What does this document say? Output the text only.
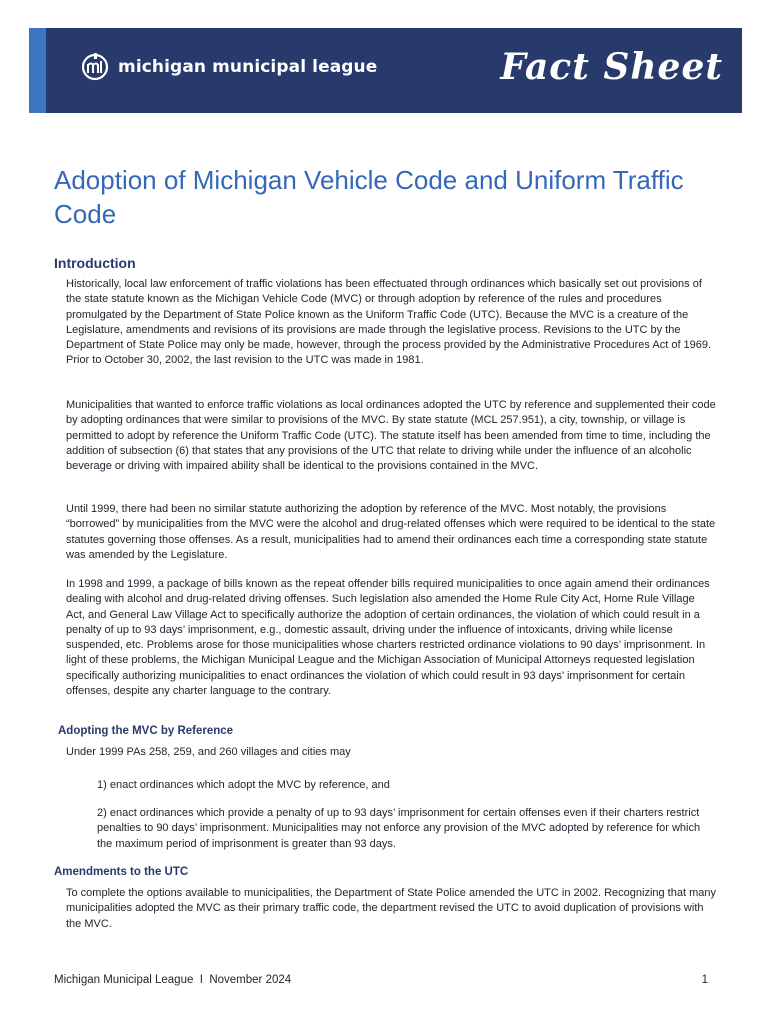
michigan municipal league	Fact Sheet
Adoption of Michigan Vehicle Code and Uniform Traffic Code
Introduction

Historically, local law enforcement of traffic violations has been effectuated through ordinances which basically set out provisions of the state statute known as the Michigan Vehicle Code (MVC) or through adoption by reference of the rules and procedures promulgated by the Department of State Police known as the Uniform Traffic Code (UTC). Because the MVC is a creature of the Legislature, amendments and revisions of its provisions are made through the legislative process. Revisions to the UTC by the Department of State Police may only be made, however, through the process provided by the Administrative Procedures Act of 1969. Prior to October 30, 2002, the last revision to the UTC was made in 1981.

Municipalities that wanted to enforce traffic violations as local ordinances adopted the UTC by reference and supplemented their code by adopting ordinances that were similar to provisions of the MVC. By state statute (MCL 257.951), a city, township, or village is permitted to adopt by reference the Uniform Traffic Code (UTC). The statute itself has been amended from time to time, including the addition of subsection (6) that states that any provisions of the UTC that relate to driving while under the influence of an alcoholic beverage or driving with impaired ability shall be identical to the provisions contained in the MVC.

Until 1999, there had been no similar statute authorizing the adoption by reference of the MVC. Most notably, the provisions “borrowed” by municipalities from the MVC were the alcohol and drug-related offenses which were required to be identical to the state statutes governing those offenses. As a result, municipalities had to amend their ordinances each time a corresponding state statute was amended by the Legislature.

In 1998 and 1999, a package of bills known as the repeat offender bills required municipalities to once again amend their ordinances dealing with alcohol and drug-related driving offenses. Such legislation also amended the Home Rule City Act, Home Rule Village Act, and General Law Village Act to specifically authorize the adoption of certain ordinances, the violation of which could result in a penalty of up to 93 days’ imprisonment, e.g., domestic assault, driving under the influence of intoxicants, driving while license suspended, etc. Problems arose for those municipalities whose charters restricted ordinance violations to 90 days’ imprisonment. In light of these problems, the Michigan Municipal League and the Michigan Association of Municipal Attorneys requested legislation specifically authorizing municipalities to enact ordinances the violation of which could result in 93 days’ imprisonment for certain offenses, despite any charter language to the contrary.

Adopting the MVC by Reference

Under 1999 PAs 258, 259, and 260 villages and cities may

1) enact ordinances which adopt the MVC by reference, and

2) enact ordinances which provide a penalty of up to 93 days’ imprisonment for certain offenses even if their charters restrict penalties to 90 days’ imprisonment. Municipalities may not enforce any provision of the MVC adopted by reference for which the maximum period of imprisonment is greater than 93 days.

Amendments to the UTC

To complete the options available to municipalities, the Department of State Police amended the UTC in 2002. Recognizing that many municipalities adopted the MVC as their primary traffic code, the department revised the UTC to avoid duplication of provisions with the MVC.

Michigan Municipal League  I  November 2024	1
